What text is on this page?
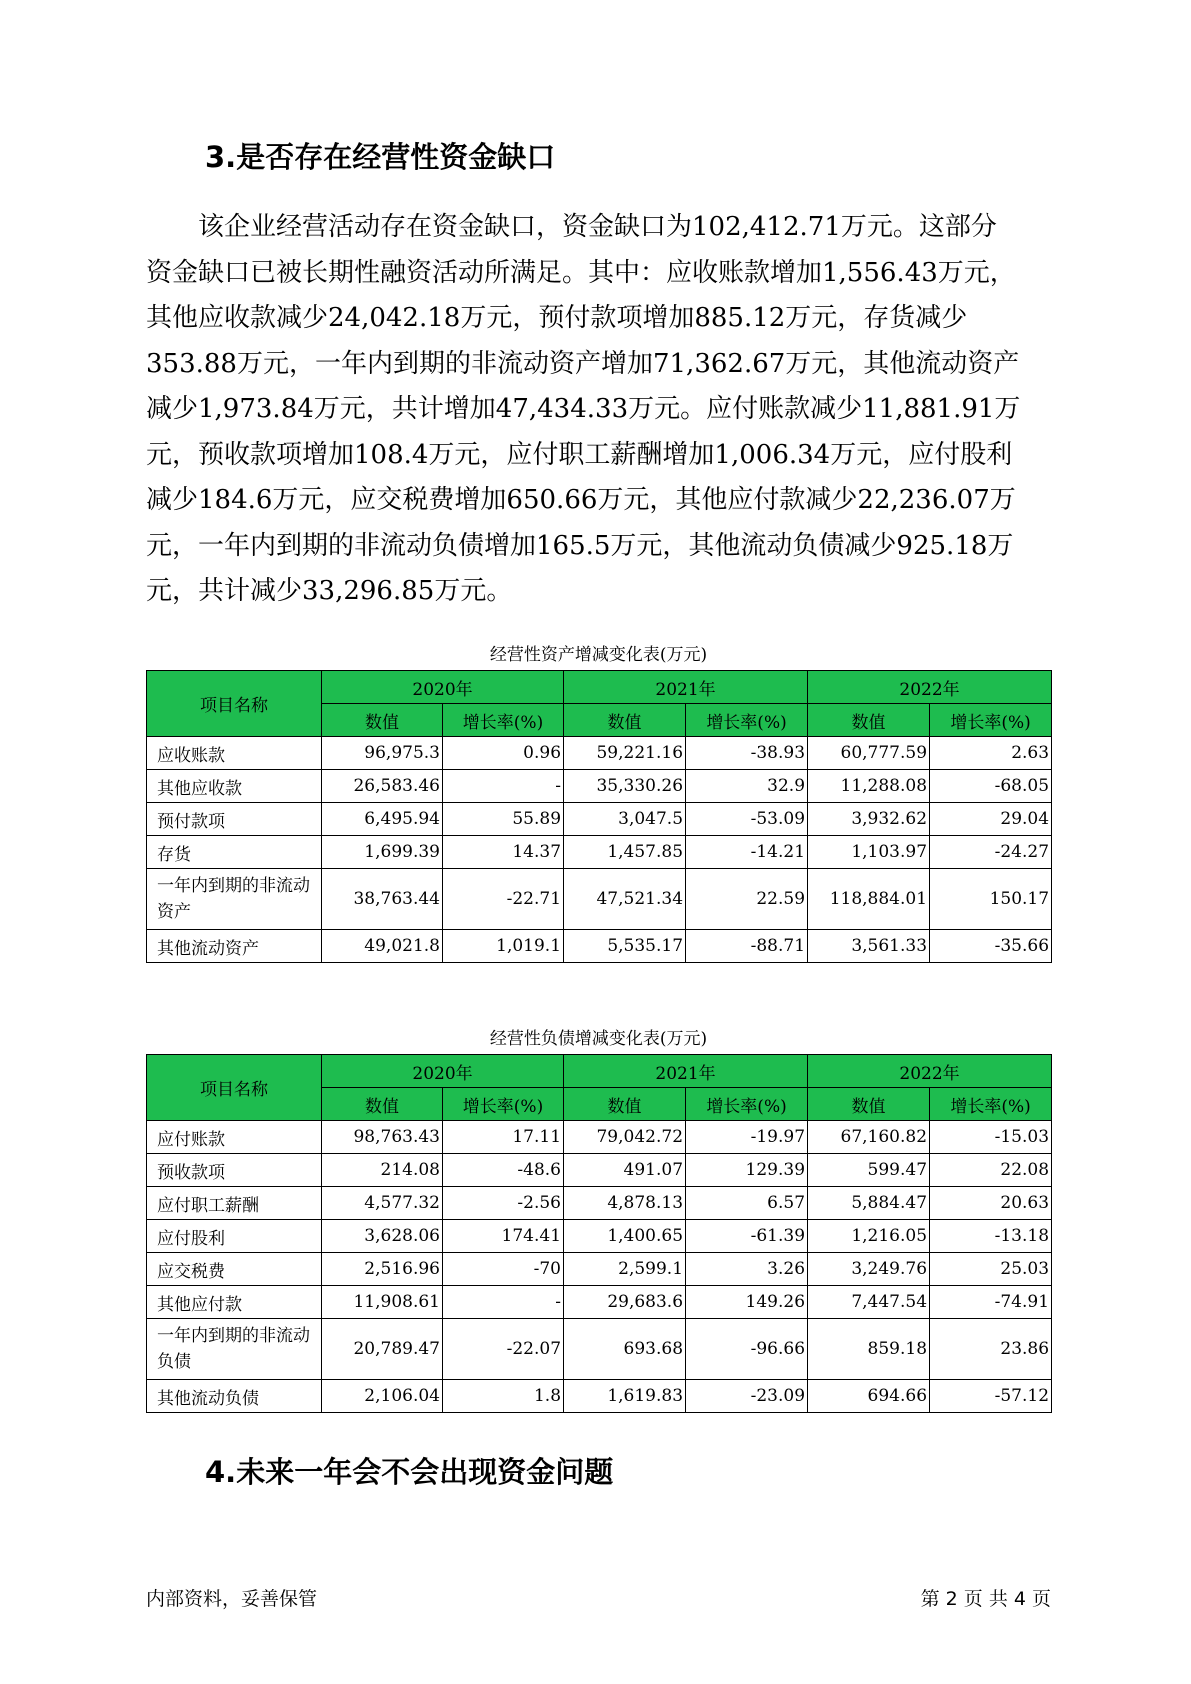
3.是否存在经营性资金缺口
该企业经营活动存在资金缺口，资金缺口为102,412.71万元。这部分
资金缺口已被长期性融资活动所满足。其中：应收账款增加1,556.43万元，
其他应收款减少24,042.18万元，预付款项增加885.12万元，存货减少
353.88万元，一年内到期的非流动资产增加71,362.67万元，其他流动资产
减少1,973.84万元，共计增加47,434.33万元。应付账款减少11,881.91万
元，预收款项增加108.4万元，应付职工薪酬增加1,006.34万元，应付股利
减少184.6万元，应交税费增加650.66万元，其他应付款减少22,236.07万
元，一年内到期的非流动负债增加165.5万元，其他流动负债减少925.18万
元，共计减少33,296.85万元。

经营性资产增减变化表(万元)

项目名称	2020年		2021年		2022年	
	数值	增长率(%)	数值	增长率(%)	数值	增长率(%)
应收账款	96,975.3	0.96	59,221.16	-38.93	60,777.59	2.63
其他应收款	26,583.46	-	35,330.26	32.9	11,288.08	-68.05
预付款项	6,495.94	55.89	3,047.5	-53.09	3,932.62	29.04
存货	1,699.39	14.37	1,457.85	-14.21	1,103.97	-24.27
一年内到期的非流动资产	38,763.44	-22.71	47,521.34	22.59	118,884.01	150.17
其他流动资产	49,021.8	1,019.1	5,535.17	-88.71	3,561.33	-35.66

经营性负债增减变化表(万元)

项目名称	2020年		2021年		2022年	
	数值	增长率(%)	数值	增长率(%)	数值	增长率(%)
应付账款	98,763.43	17.11	79,042.72	-19.97	67,160.82	-15.03
预收款项	214.08	-48.6	491.07	129.39	599.47	22.08
应付职工薪酬	4,577.32	-2.56	4,878.13	6.57	5,884.47	20.63
应付股利	3,628.06	174.41	1,400.65	-61.39	1,216.05	-13.18
应交税费	2,516.96	-70	2,599.1	3.26	3,249.76	25.03
其他应付款	11,908.61	-	29,683.6	149.26	7,447.54	-74.91
一年内到期的非流动负债	20,789.47	-22.07	693.68	-96.66	859.18	23.86
其他流动负债	2,106.04	1.8	1,619.83	-23.09	694.66	-57.12
4.未来一年会不会出现资金问题
内部资料，妥善保管	第 2 页 共 4 页
